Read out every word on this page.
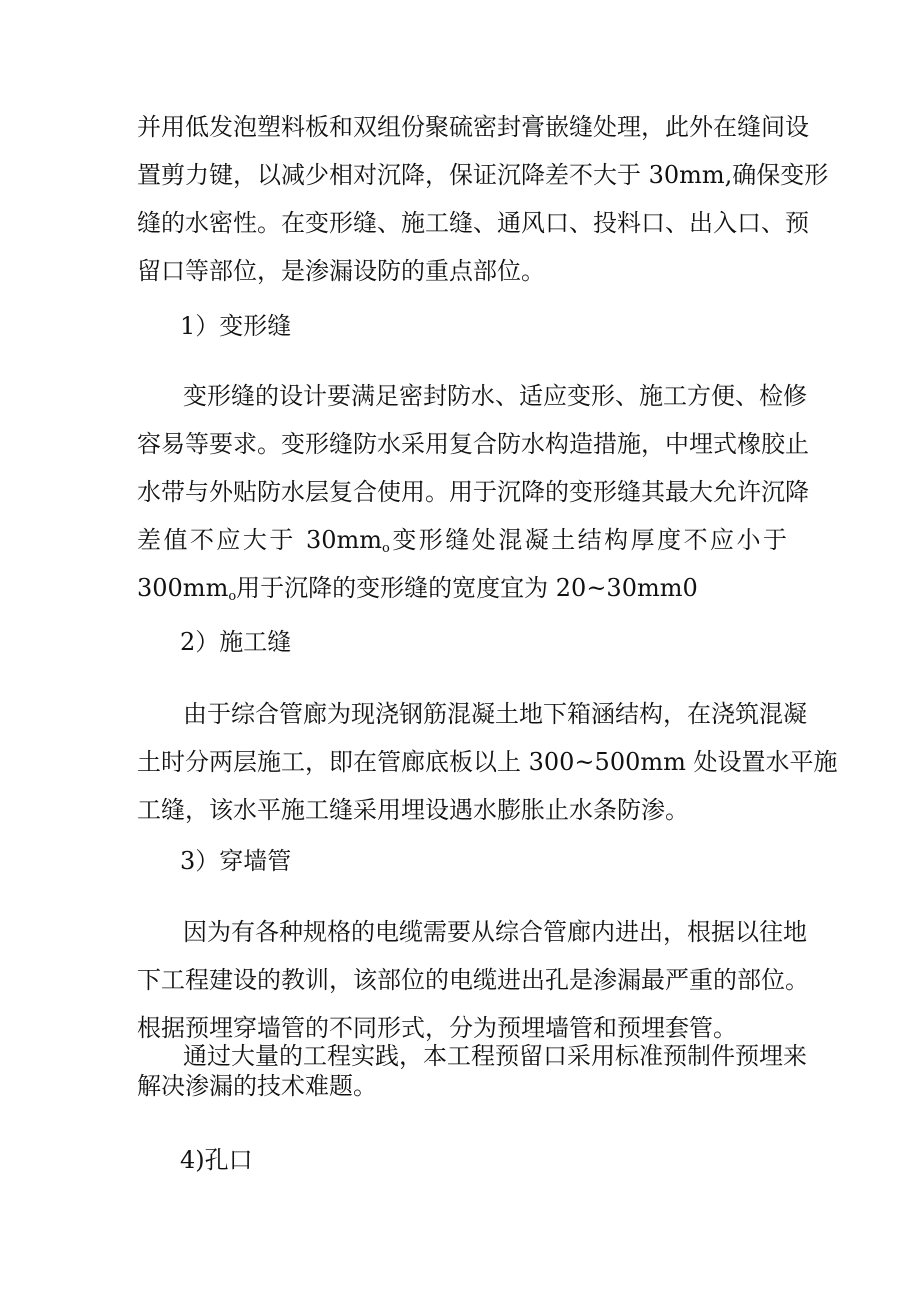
并用低发泡塑料板和双组份聚硫密封膏嵌缝处理，此外在缝间设
置剪力键，以减少相对沉降，保证沉降差不大于 30mm,确保变形
缝的水密性。在变形缝、施工缝、通风口、投料口、出入口、预
留口等部位，是渗漏设防的重点部位。

1）变形缝

变形缝的设计要满足密封防水、适应变形、施工方便、检修
容易等要求。变形缝防水采用复合防水构造措施，中埋式橡胶止
水带与外贴防水层复合使用。用于沉降的变形缝其最大允许沉降
差值不应大于 $30mm_o$变形缝处混凝土结构厚度不应小于
$300mm_o$用于沉降的变形缝的宽度宜为 20~30mm0

2）施工缝

由于综合管廊为现浇钢筋混凝土地下箱涵结构，在浇筑混凝
土时分两层施工，即在管廊底板以上 300~500mm 处设置水平施
工缝，该水平施工缝采用埋设遇水膨胀止水条防渗。

3）穿墙管

因为有各种规格的电缆需要从综合管廊内进出，根据以往地
下工程建设的教训，该部位的电缆进出孔是渗漏最严重的部位。
根据预埋穿墙管的不同形式，分为预埋墙管和预埋套管。

通过大量的工程实践，本工程预留口采用标准预制件预埋来
解决渗漏的技术难题。

4)孔口
